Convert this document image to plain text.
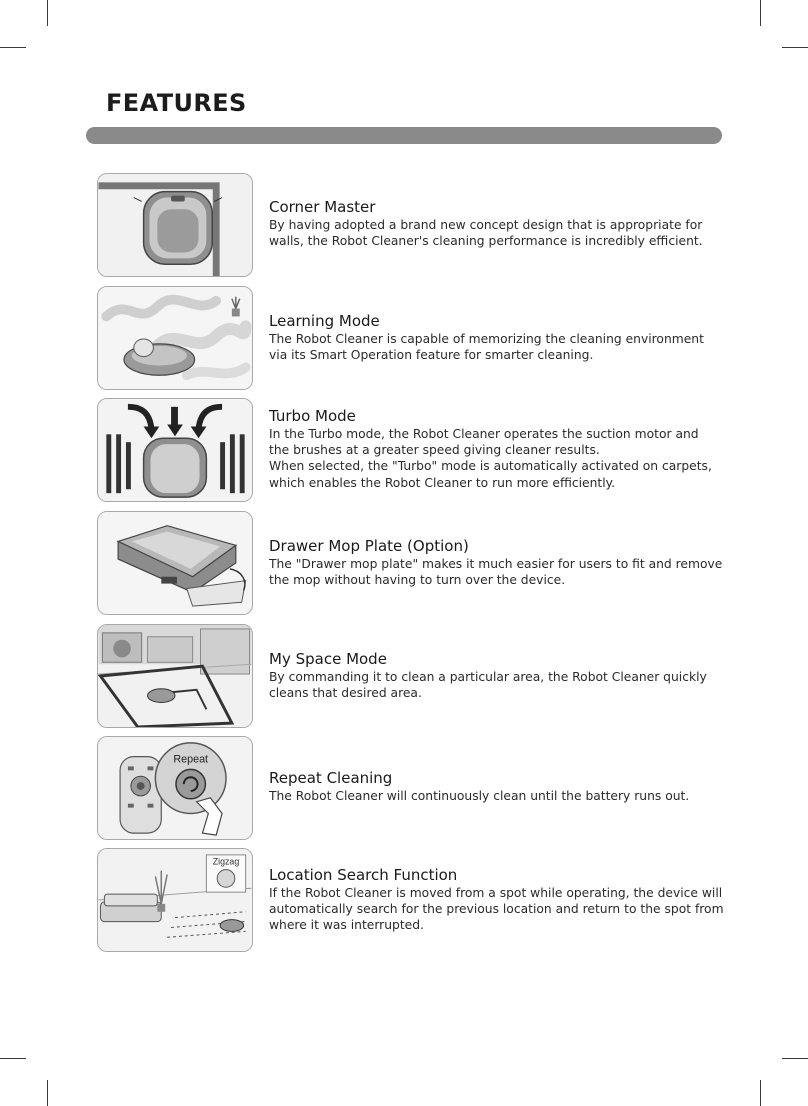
FEATURES
Corner Master

By having adopted a brand new concept design that is appropriate for
walls, the Robot Cleaner's cleaning performance is incredibly efficient.

Learning Mode

The Robot Cleaner is capable of memorizing the cleaning environment
via its Smart Operation feature for smarter cleaning.

Turbo Mode

In the Turbo mode, the Robot Cleaner operates the suction motor and
the brushes at a greater speed giving cleaner results.
When selected, the "Turbo" mode is automatically activated on carpets,
which enables the Robot Cleaner to run more efficiently.

Drawer Mop Plate (Option)

The "Drawer mop plate" makes it much easier for users to fit and remove
the mop without having to turn over the device.

My Space Mode

By commanding it to clean a particular area, the Robot Cleaner quickly
cleans that desired area.

Repeat
Repeat Cleaning

The Robot Cleaner will continuously clean until the battery runs out.

Zigzag
Location Search Function

If the Robot Cleaner is moved from a spot while operating, the device will
automatically search for the previous location and return to the spot from
where it was interrupted.
